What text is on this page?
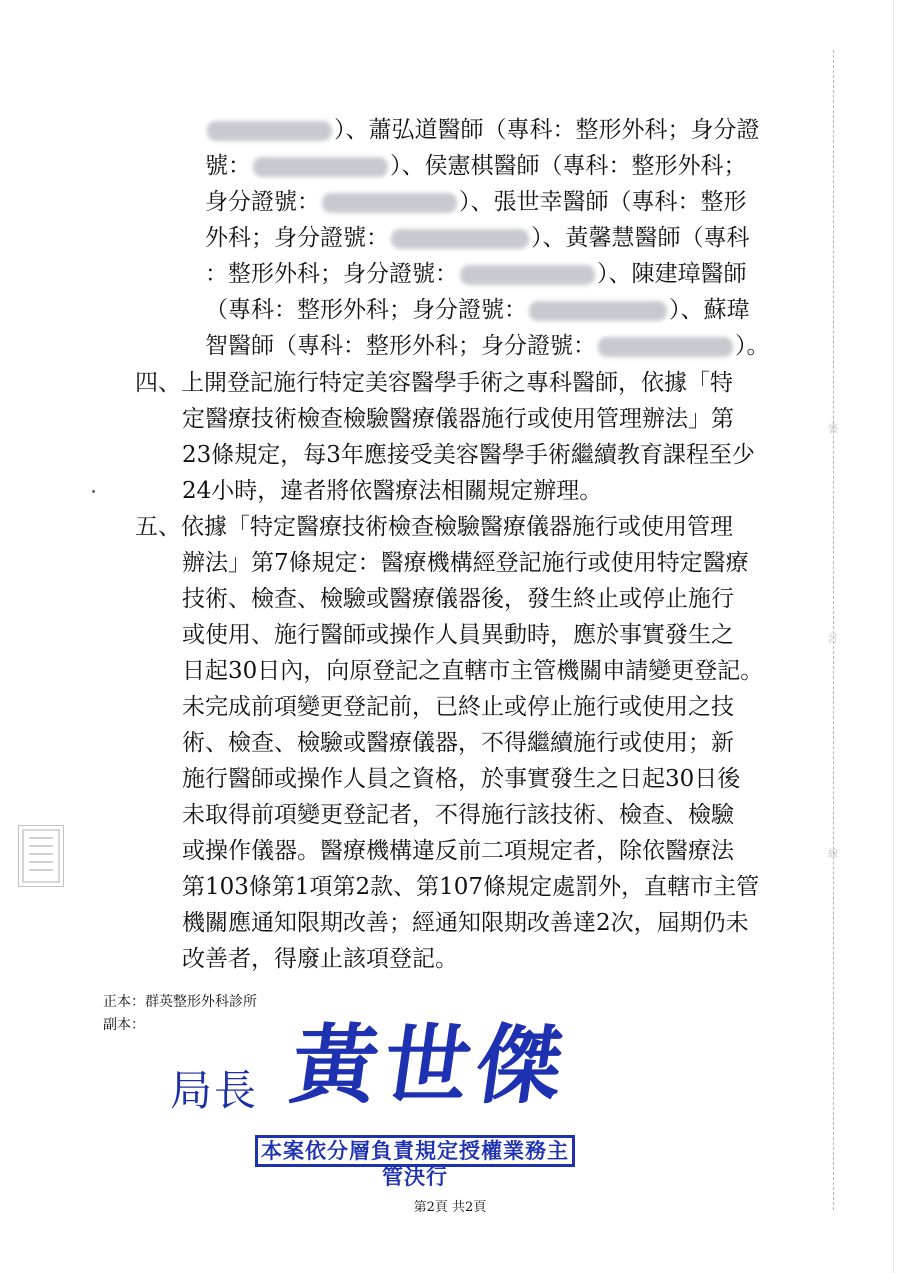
裝
訂
線
）、蕭弘道醫師（專科：整形外科；身分證
號：	）、侯憲棋醫師（專科：整形外科；
身分證號：	）、張世幸醫師（專科：整形
外科；身分證號：	）、黃馨慧醫師（專科
：整形外科；身分證號：	）、陳建璋醫師
（專科：整形外科；身分證號：	）、蘇瑋
智醫師（專科：整形外科；身分證號：	）。
四、上開登記施行特定美容醫學手術之專科醫師，依據「特
定醫療技術檢查檢驗醫療儀器施行或使用管理辦法」第
23條規定，每3年應接受美容醫學手術繼續教育課程至少
24小時，違者將依醫療法相關規定辦理。
五、依據「特定醫療技術檢查檢驗醫療儀器施行或使用管理
辦法」第7條規定：醫療機構經登記施行或使用特定醫療
技術、檢查、檢驗或醫療儀器後，發生終止或停止施行
或使用、施行醫師或操作人員異動時，應於事實發生之
日起30日內，向原登記之直轄市主管機關申請變更登記。
未完成前項變更登記前，已終止或停止施行或使用之技
術、檢查、檢驗或醫療儀器，不得繼續施行或使用；新
施行醫師或操作人員之資格，於事實發生之日起30日後
未取得前項變更登記者，不得施行該技術、檢查、檢驗
或操作儀器。醫療機構違反前二項規定者，除依醫療法
第103條第1項第2款、第107條規定處罰外，直轄市主管
機關應通知限期改善；經通知限期改善達2次，屆期仍未
改善者，得廢止該項登記。
正本：群英整形外科診所
副本：
局長 黃世傑
本案依分層負責規定授權業務主管決行
第2頁 共2頁
